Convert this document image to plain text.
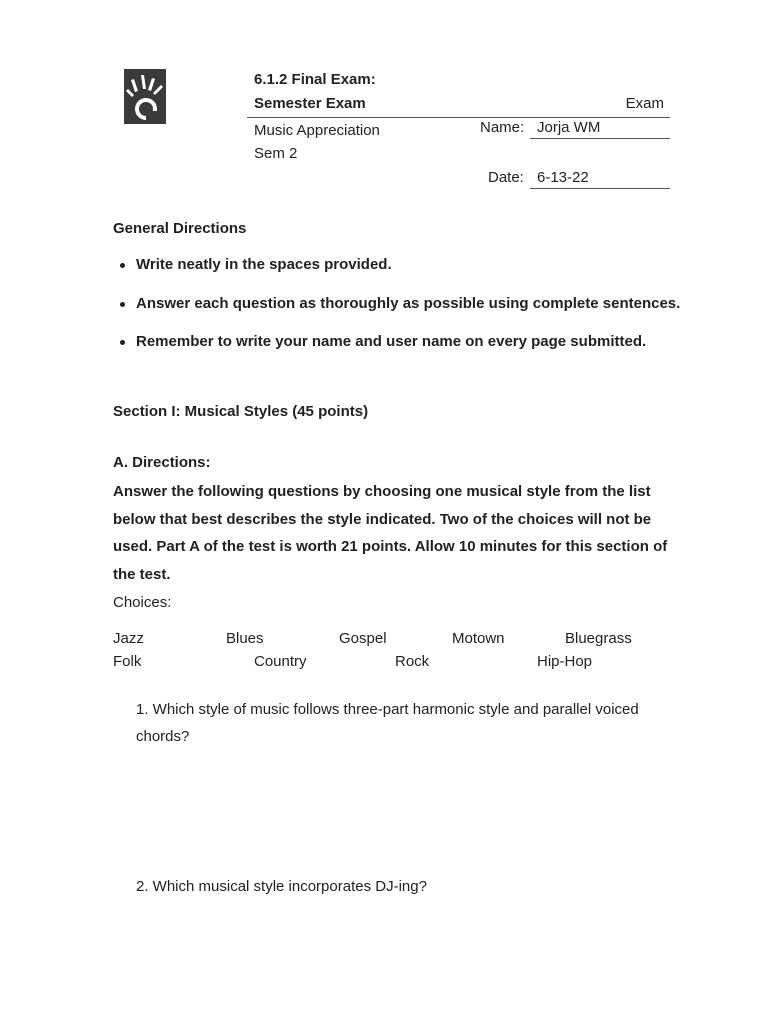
6.1.2 Final Exam:
Semester Exam	Exam
Music Appreciation Sem 2
Name: Jorja WM
Date: 6-13-22
General Directions
Write neatly in the spaces provided.
Answer each question as thoroughly as possible using complete sentences.
Remember to write your name and user name on every page submitted.
Section I: Musical Styles (45 points)
A. Directions:
Answer the following questions by choosing one musical style from the list below that best describes the style indicated. Two of the choices will not be used. Part A of the test is worth 21 points. Allow 10 minutes for this section of the test.
Choices:
Jazz	Blues	Gospel	Motown	Bluegrass
Folk	Country	Rock	Hip-Hop
1. Which style of music follows three-part harmonic style and parallel voiced chords?
2. Which musical style incorporates DJ-ing?
